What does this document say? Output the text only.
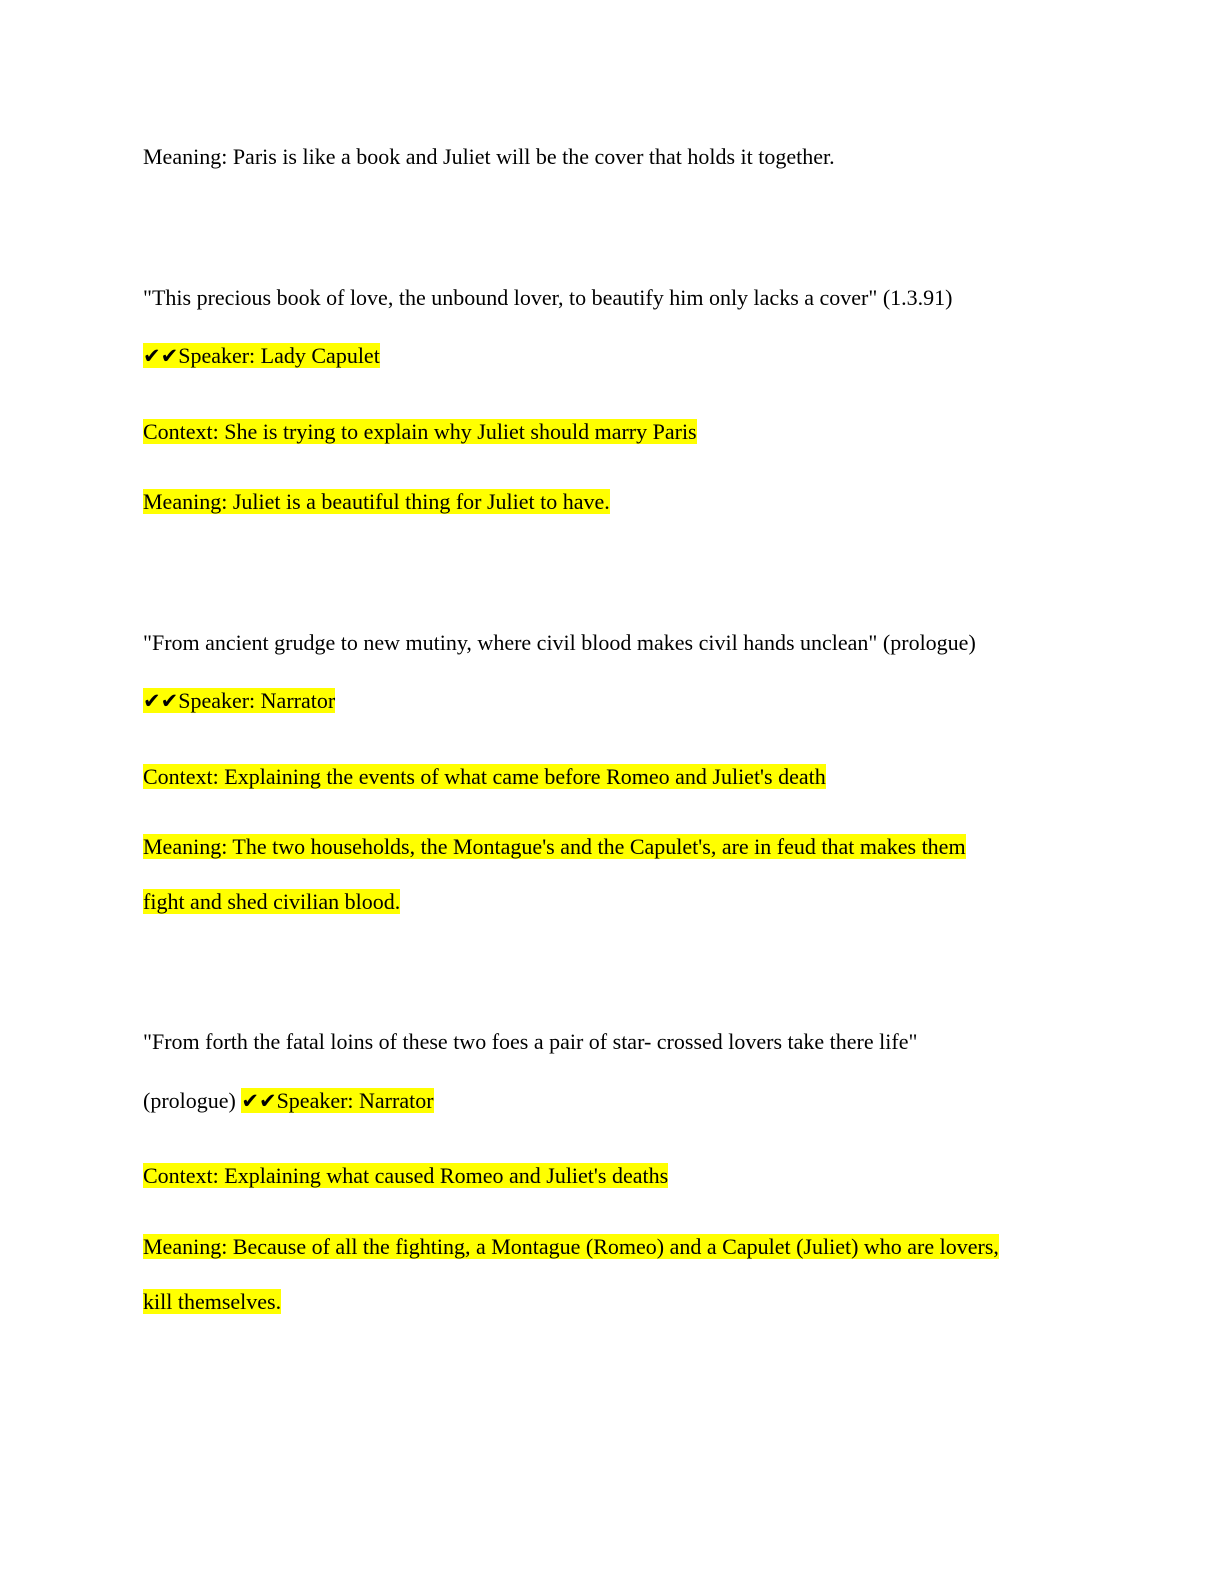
Meaning: Paris is like a book and Juliet will be the cover that holds it together.
"This precious book of love, the unbound lover, to beautify him only lacks a cover" (1.3.91)
✔✔Speaker: Lady Capulet
Context: She is trying to explain why Juliet should marry Paris
Meaning: Juliet is a beautiful thing for Juliet to have.
"From ancient grudge to new mutiny, where civil blood makes civil hands unclean" (prologue)
✔✔Speaker: Narrator
Context: Explaining the events of what came before Romeo and Juliet's death
Meaning: The two households, the Montague's and the Capulet's, are in feud that makes them
fight and shed civilian blood.
"From forth the fatal loins of these two foes a pair of star- crossed lovers take there life"
(prologue) ✔✔Speaker: Narrator
Context: Explaining what caused Romeo and Juliet's deaths
Meaning: Because of all the fighting, a Montague (Romeo) and a Capulet (Juliet) who are lovers,
kill themselves.
